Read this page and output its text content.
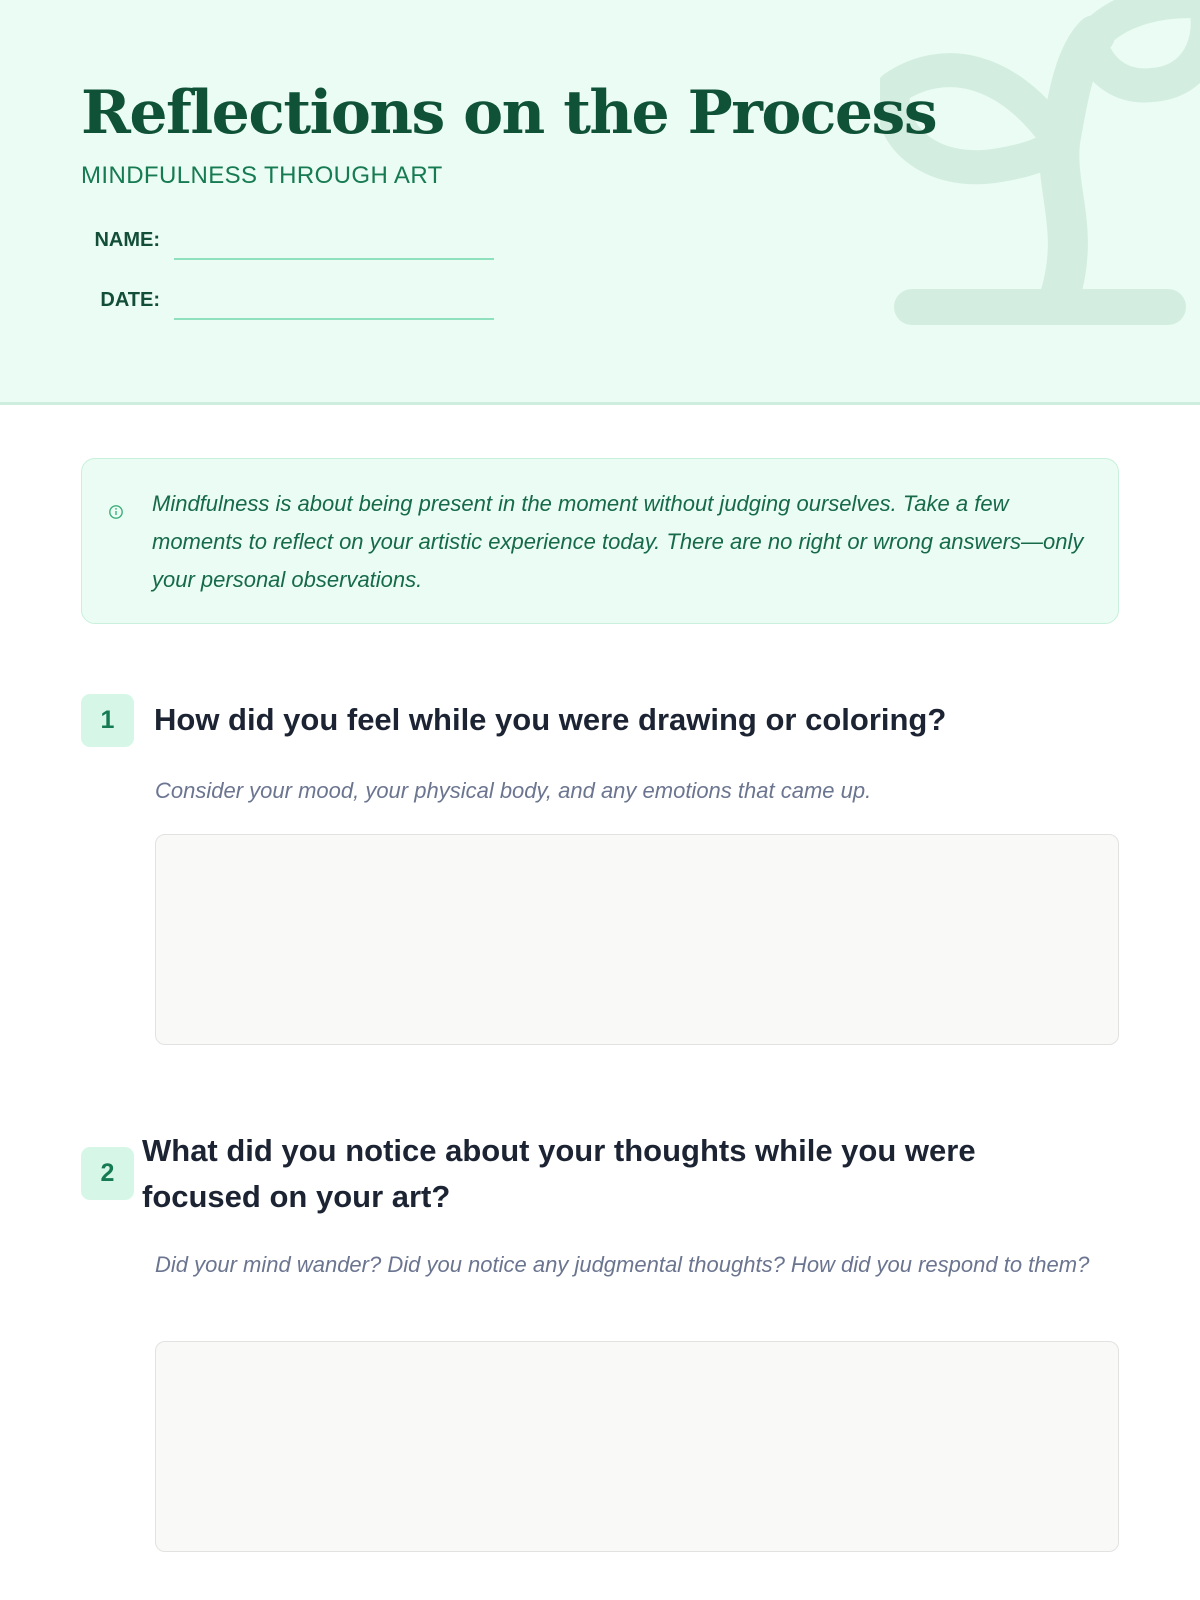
Reflections on the Process
MINDFULNESS THROUGH ART
NAME:
DATE:
Mindfulness is about being present in the moment without judging ourselves. Take a few moments to reflect on your artistic experience today. There are no right or wrong answers—only your personal observations.
1	How did you feel while you were drawing or coloring?
Consider your mood, your physical body, and any emotions that came up.
2
What did you notice about your thoughts while you were focused on your art?
Did your mind wander? Did you notice any judgmental thoughts? How did you respond to them?
